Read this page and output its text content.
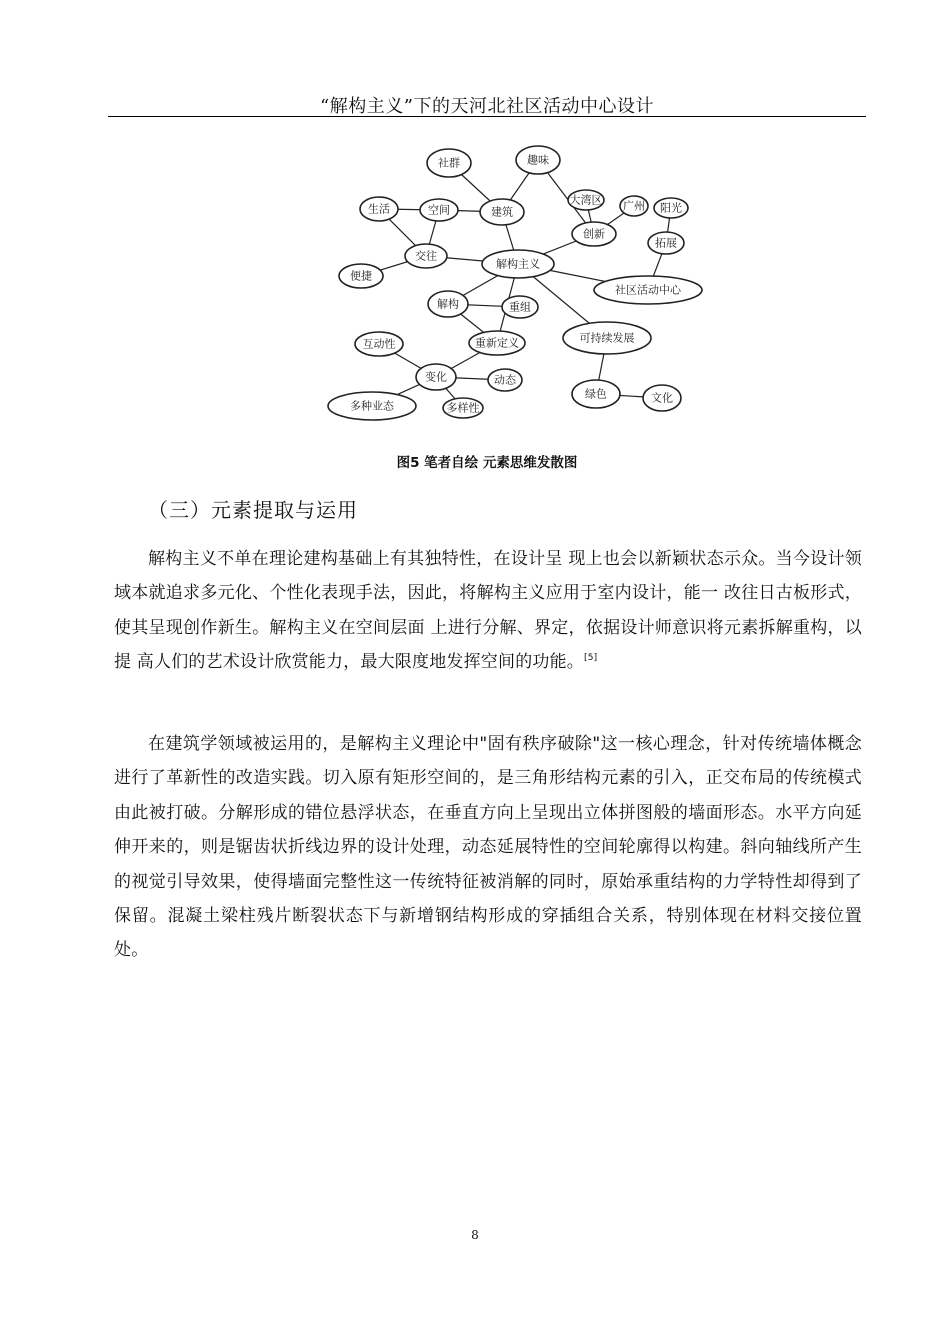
“解构主义”下的天河北社区活动中心设计
解构主义
建筑
社群	趣味
空间
生活
交往
便捷
创新
大湾区 广州 阳光
拓展
社区活动中心
解构	重组
重新定义	可持续发展
互动性
变化	动态
多种业态	多样性
绿色	文化
图5 笔者自绘 元素思维发散图
（三）元素提取与运用
解构主义不单在理论建构基础上有其独特性，在设计呈 现上也会以新颖状态示众。当今设计领域本就追求多元化、个性化表现手法，因此，将解构主义应用于室内设计，能一 改往日古板形式，使其呈现创作新生。解构主义在空间层面 上进行分解、界定，依据设计师意识将元素拆解重构，以提 高人们的艺术设计欣赏能力，最大限度地发挥空间的功能。[5]
在建筑学领域被运用的，是解构主义理论中"固有秩序破除"这一核心理念，针对传统墙体概念进行了革新性的改造实践。切入原有矩形空间的，是三角形结构元素的引入，正交布局的传统模式由此被打破。分解形成的错位悬浮状态，在垂直方向上呈现出立体拼图般的墙面形态。水平方向延伸开来的，则是锯齿状折线边界的设计处理，动态延展特性的空间轮廓得以构建。斜向轴线所产生的视觉引导效果，使得墙面完整性这一传统特征被消解的同时，原始承重结构的力学特性却得到了保留。混凝土梁柱残片断裂状态下与新增钢结构形成的穿插组合关系，特别体现在材料交接位置处。
8
